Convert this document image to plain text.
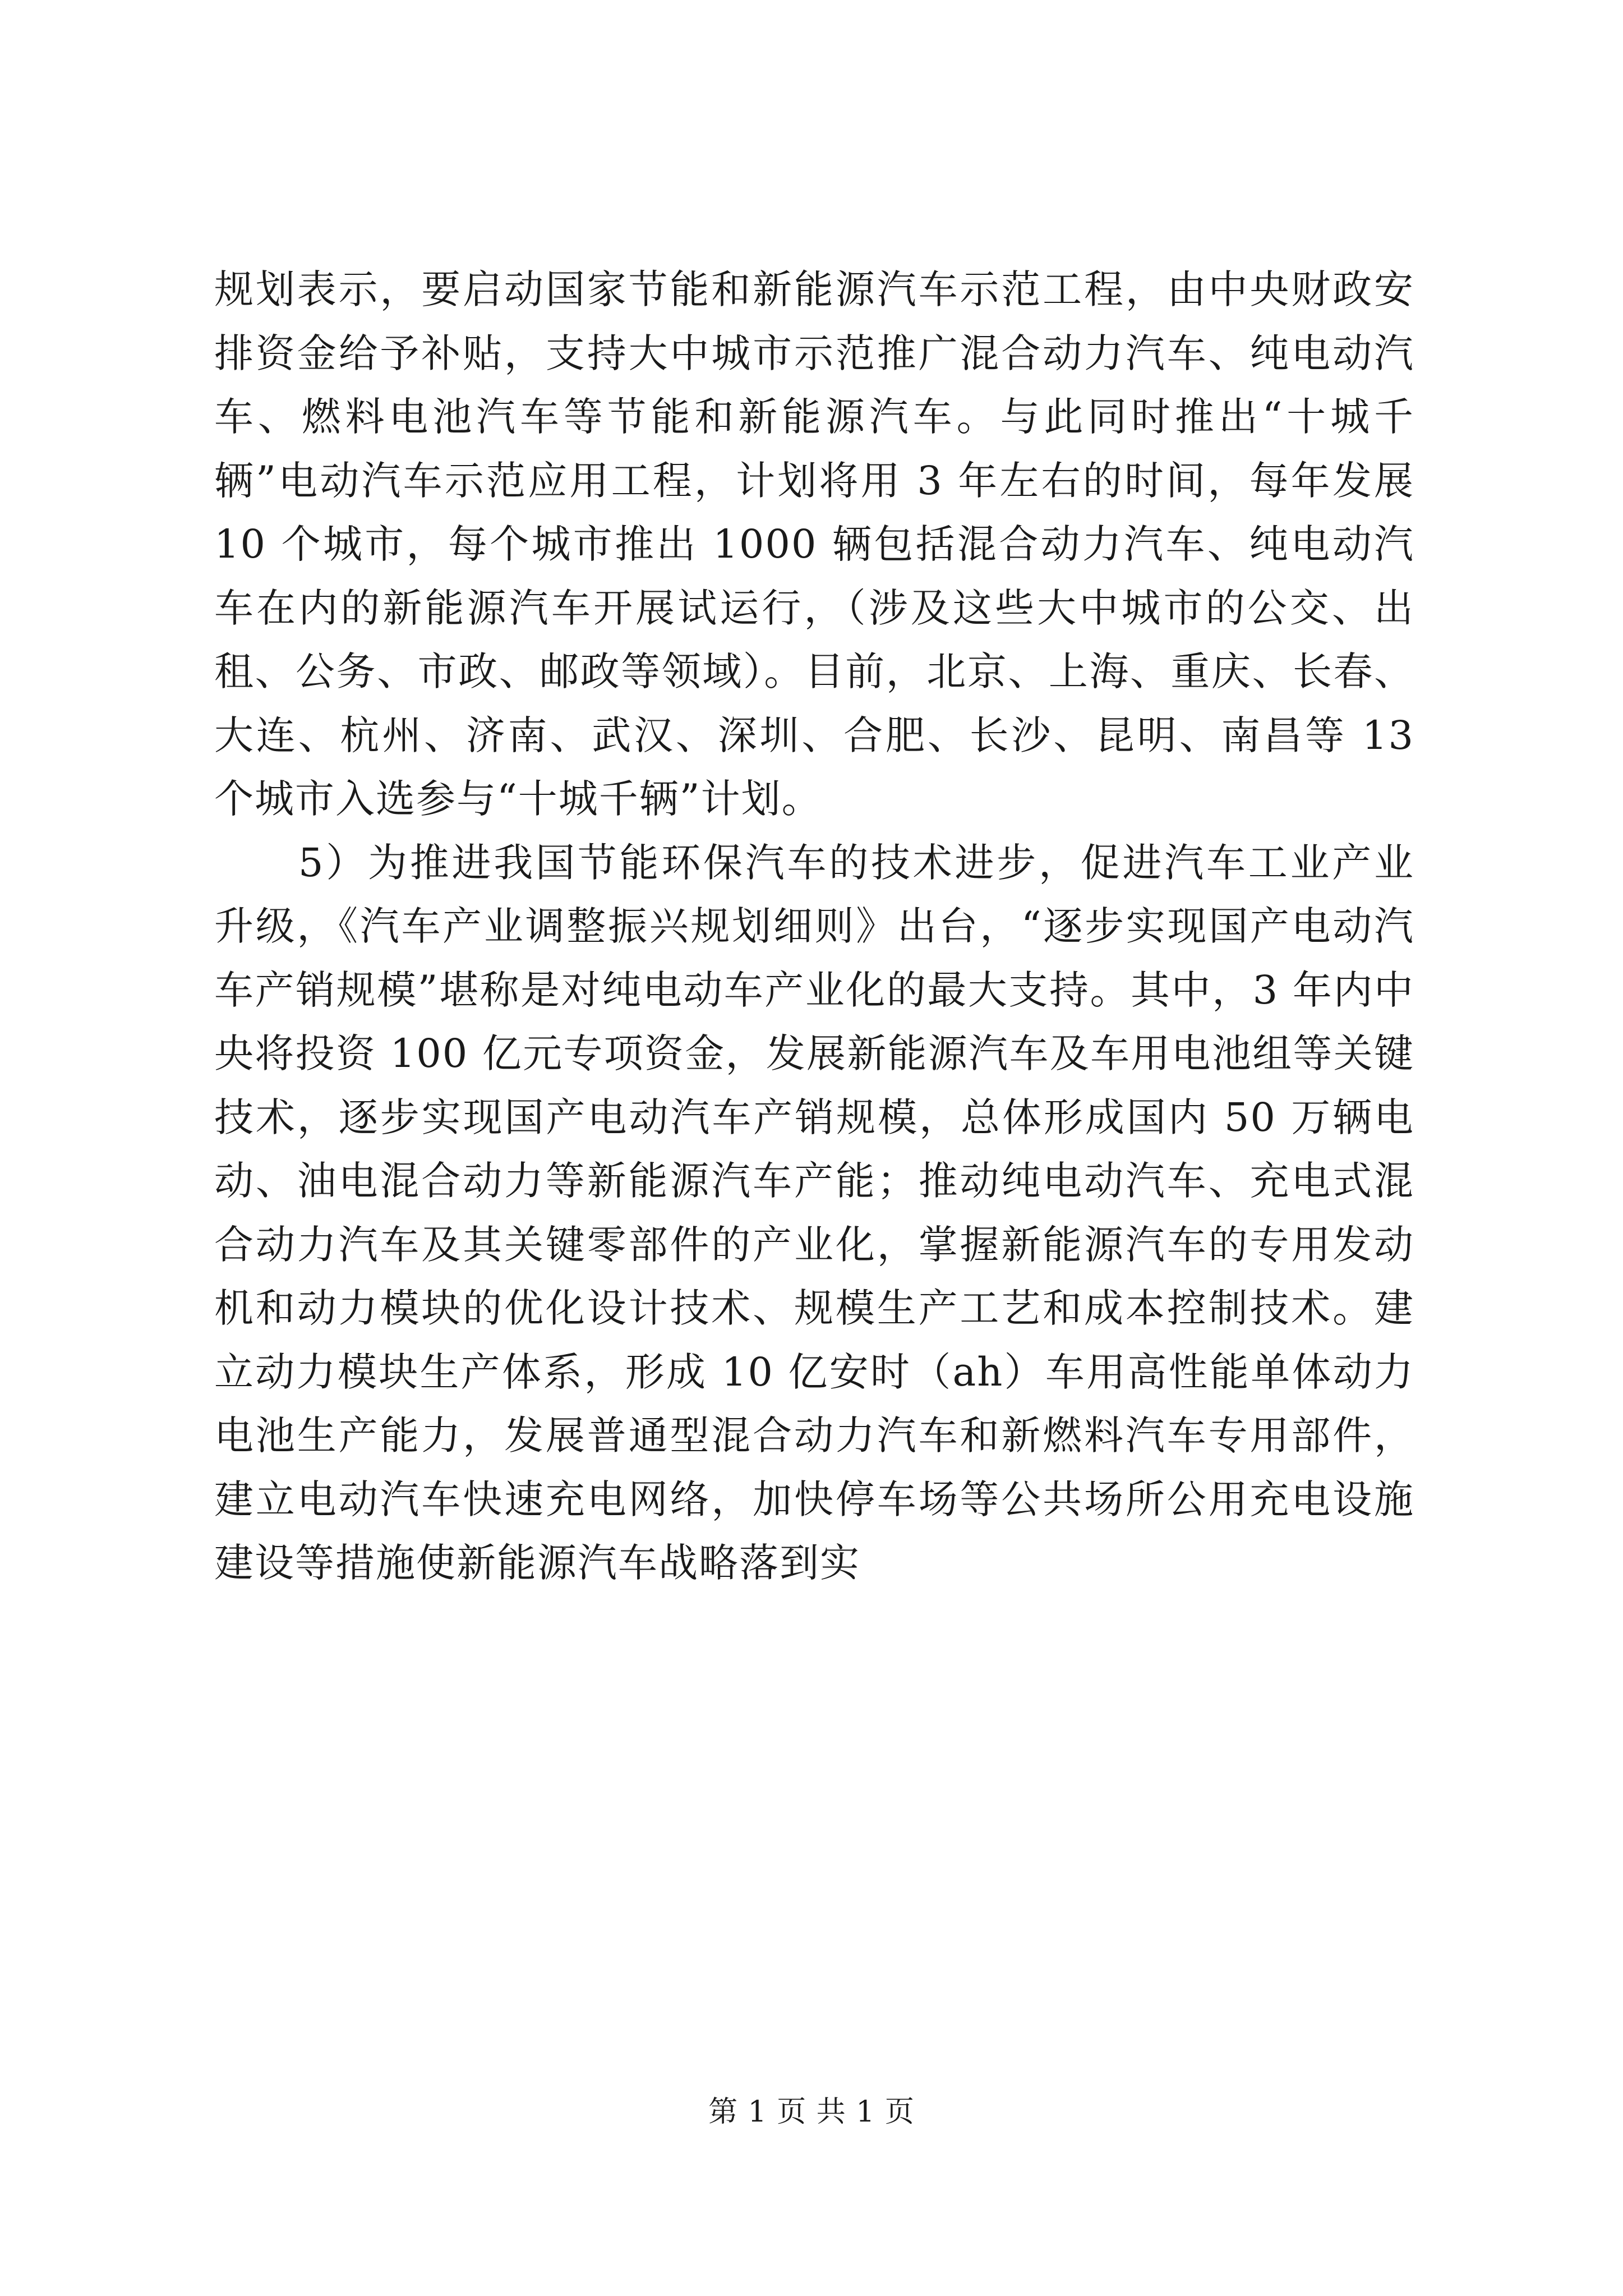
规划表示，要启动国家节能和新能源汽车示范工程，由中央财政安排资金给予补贴，支持大中城市示范推广混合动力汽车、纯电动汽车、燃料电池汽车等节能和新能源汽车。与此同时推出“十城千辆”电动汽车示范应用工程，计划将用 3 年左右的时间，每年发展 10 个城市，每个城市推出 1000 辆包括混合动力汽车、纯电动汽车在内的新能源汽车开展试运行，（涉及这些大中城市的公交、出租、公务、市政、邮政等领域）。目前，北京、上海、重庆、长春、大连、杭州、济南、武汉、深圳、合肥、长沙、昆明、南昌等 13 个城市入选参与“十城千辆”计划。

5）为推进我国节能环保汽车的技术进步，促进汽车工业产业升级，《汽车产业调整振兴规划细则》出台，“逐步实现国产电动汽车产销规模”堪称是对纯电动车产业化的最大支持。其中，3 年内中央将投资 100 亿元专项资金，发展新能源汽车及车用电池组等关键技术，逐步实现国产电动汽车产销规模，总体形成国内 50 万辆电动、油电混合动力等新能源汽车产能；推动纯电动汽车、充电式混合动力汽车及其关键零部件的产业化，掌握新能源汽车的专用发动机和动力模块的优化设计技术、规模生产工艺和成本控制技术。建立动力模块生产体系，形成 10 亿安时（ah）车用高性能单体动力电池生产能力，发展普通型混合动力汽车和新燃料汽车专用部件，建立电动汽车快速充电网络，加快停车场等公共场所公用充电设施建设等措施使新能源汽车战略落到实

第 1 页 共 1 页
